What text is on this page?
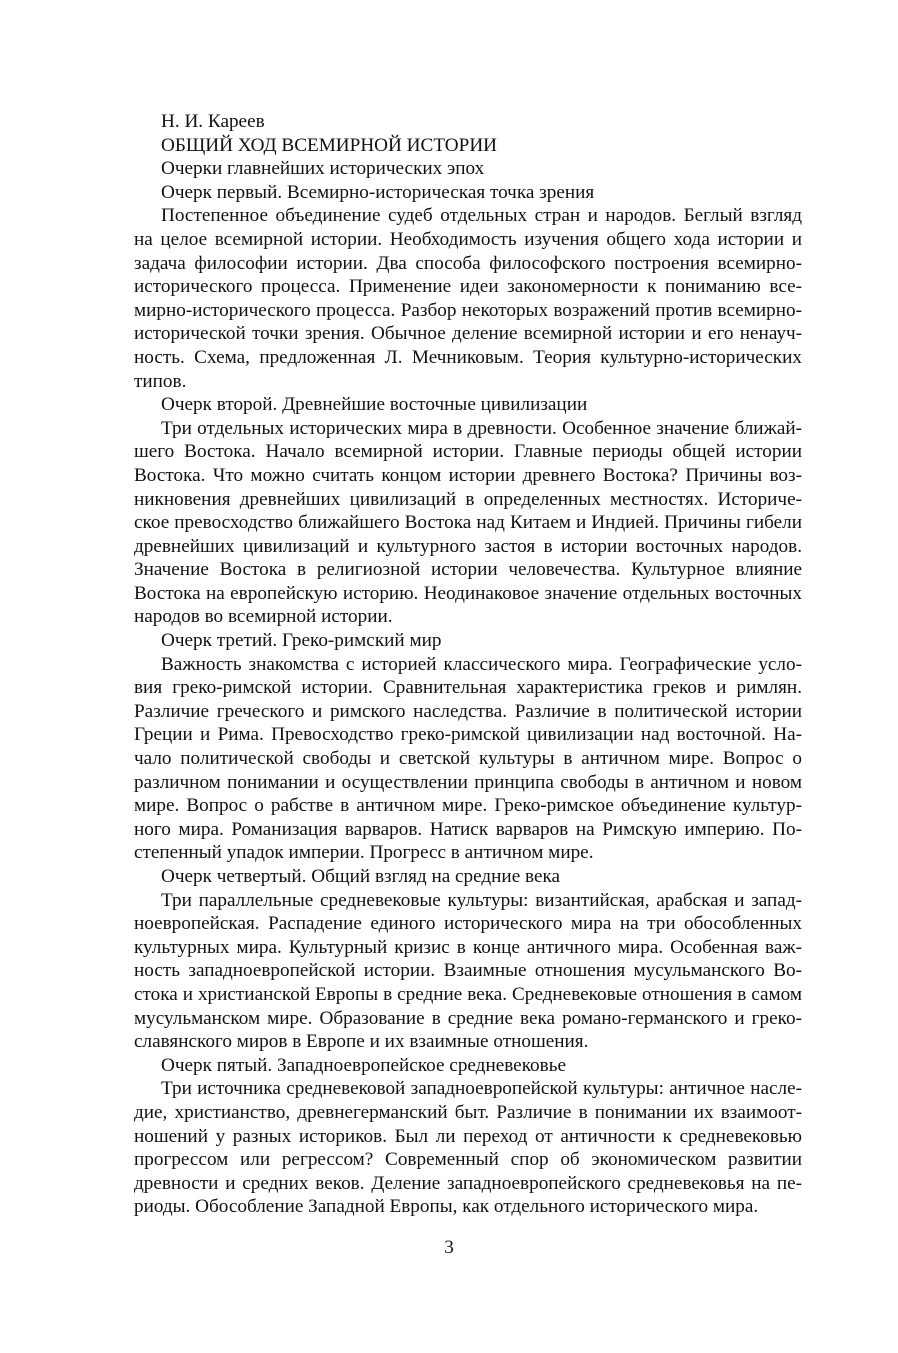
Н. И. Кареев

ОБЩИЙ ХОД ВСЕМИРНОЙ ИСТОРИИ

Очерки главнейших исторических эпох

Очерк первый. Всемирно-историческая точка зрения

Постепенное объединение судеб отдельных стран и народов. Беглый взгляд на целое всемирной истории. Необходимость изучения общего хода истории и задача философии истории. Два способа философского построения всемирно-исторического процесса. Применение идеи закономерности к пониманию всемирно-исторического процесса. Разбор некоторых возражений против всемирно-исторической точки зрения. Обычное деление всемирной истории и его ненаучность. Схема, предложенная Л. Мечниковым. Теория культурно-исторических типов.

Очерк второй. Древнейшие восточные цивилизации

Три отдельных исторических мира в древности. Особенное значение ближайшего Востока. Начало всемирной истории. Главные периоды общей истории Востока. Что можно считать концом истории древнего Востока? Причины возникновения древнейших цивилизаций в определенных местностях. Историческое превосходство ближайшего Востока над Китаем и Индией. Причины гибели древнейших цивилизаций и культурного застоя в истории восточных народов. Значение Востока в религиозной истории человечества. Культурное влияние Востока на европейскую историю. Неодинаковое значение отдельных восточных народов во всемирной истории.

Очерк третий. Греко-римский мир

Важность знакомства с историей классического мира. Географические условия греко-римской истории. Сравнительная характеристика греков и римлян. Различие греческого и римского наследства. Различие в политической истории Греции и Рима. Превосходство греко-римской цивилизации над восточной. Начало политической свободы и светской культуры в античном мире. Вопрос о различном понимании и осуществлении принципа свободы в античном и новом мире. Вопрос о рабстве в античном мире. Греко-римское объединение культурного мира. Романизация варваров. Натиск варваров на Римскую империю. Постепенный упадок империи. Прогресс в античном мире.

Очерк четвертый. Общий взгляд на средние века

Три параллельные средневековые культуры: византийская, арабская и западноевропейская. Распадение единого исторического мира на три обособленных культурных мира. Культурный кризис в конце античного мира. Особенная важность западноевропейской истории. Взаимные отношения мусульманского Востока и христианской Европы в средние века. Средневековые отношения в самом мусульманском мире. Образование в средние века романо-германского и грекославянского миров в Европе и их взаимные отношения.

Очерк пятый. Западноевропейское средневековье

Три источника средневековой западноевропейской культуры: античное наследие, христианство, древнегерманский быт. Различие в понимании их взаимоотношений у разных историков. Был ли переход от античности к средневековью прогрессом или регрессом? Современный спор об экономическом развитии древности и средних веков. Деление западноевропейского средневековья на периоды. Обособление Западной Европы, как отдельного исторического мира.

3
